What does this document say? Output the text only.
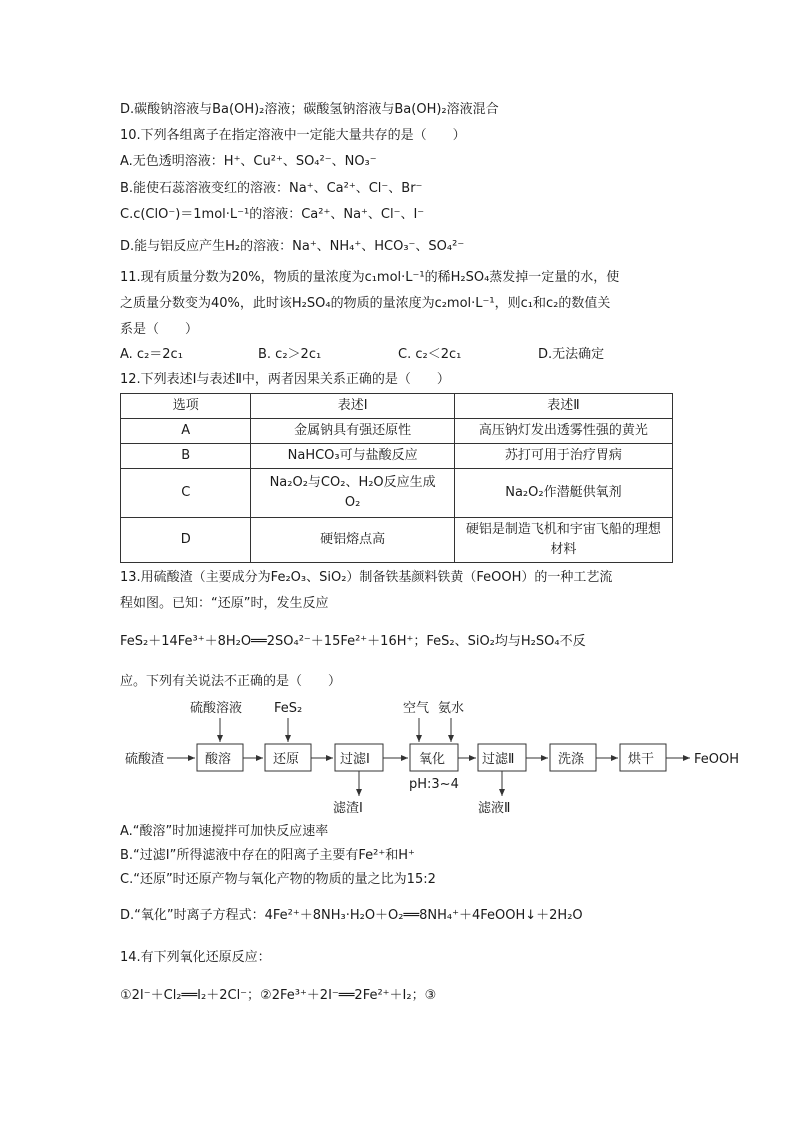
D.碳酸钠溶液与Ba(OH)₂溶液；碳酸氢钠溶液与Ba(OH)₂溶液混合
10.下列各组离子在指定溶液中一定能大量共存的是（　　）
A.无色透明溶液：H⁺、Cu²⁺、SO₄²⁻、NO₃⁻
B.能使石蕊溶液变红的溶液：Na⁺、Ca²⁺、Cl⁻、Br⁻
C.c(ClO⁻)＝1mol·L⁻¹的溶液：Ca²⁺、Na⁺、Cl⁻、I⁻
D.能与铝反应产生H₂的溶液：Na⁺、NH₄⁺、HCO₃⁻、SO₄²⁻
11.现有质量分数为20%，物质的量浓度为c₁mol·L⁻¹的稀H₂SO₄蒸发掉一定量的水，使
之质量分数变为40%，此时该H₂SO₄的物质的量浓度为c₂mol·L⁻¹，则c₁和c₂的数值关
系是（　　）
A. c₂＝2c₁	B. c₂＞2c₁	C. c₂＜2c₁	D.无法确定
12.下列表述Ⅰ与表述Ⅱ中，两者因果关系正确的是（　　）
选项	表述Ⅰ	表述Ⅱ
A	金属钠具有强还原性	高压钠灯发出透雾性强的黄光
B	NaHCO₃可与盐酸反应	苏打可用于治疗胃病
C	Na₂O₂与CO₂、H₂O反应生成O₂	Na₂O₂作潜艇供氧剂
D	硬铝熔点高	硬铝是制造飞机和宇宙飞船的理想材料
13.用硫酸渣（主要成分为Fe₂O₃、SiO₂）制备铁基颜料铁黄（FeOOH）的一种工艺流
程如图。已知：“还原”时，发生反应
FeS₂＋14Fe³⁺＋8H₂O══2SO₄²⁻＋15Fe²⁺＋16H⁺；FeS₂、SiO₂均与H₂SO₄不反
应。下列有关说法不正确的是（　　）
硫酸渣	酸溶	还原	过滤Ⅰ	氧化	过滤Ⅱ	洗涤	烘干	FeOOH
硫酸溶液 FeS₂	空气 氨水
pH:3~4
滤渣Ⅰ	滤液Ⅱ
A.“酸溶”时加速搅拌可加快反应速率
B.“过滤Ⅰ”所得滤液中存在的阳离子主要有Fe²⁺和H⁺
C.“还原”时还原产物与氧化产物的物质的量之比为15:2
D.“氧化”时离子方程式：4Fe²⁺＋8NH₃·H₂O＋O₂══8NH₄⁺＋4FeOOH↓＋2H₂O
14.有下列氧化还原反应：
①2I⁻＋Cl₂══I₂＋2Cl⁻；②2Fe³⁺＋2I⁻══2Fe²⁺＋I₂；③
